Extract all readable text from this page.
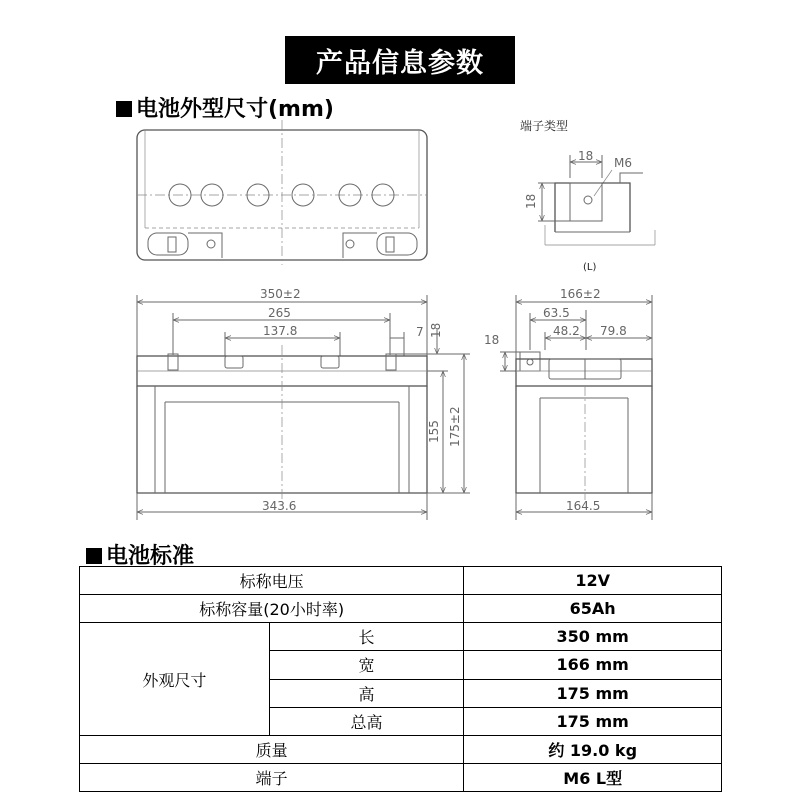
产品信息参数
电池外型尺寸(mm)
端子类型
18 M6
18
(L)
350±2
265
137.8	7 18
155 175±2
343.6
166±2
63.5
48.2 79.8
18
164.5
电池标准
标称电压		12V
标称容量(20小时率)		65Ah
外观尺寸	长	350 mm
	宽	166 mm
	高	175 mm
	总高	175 mm
质量		约 19.0 kg
端子		M6 L型
